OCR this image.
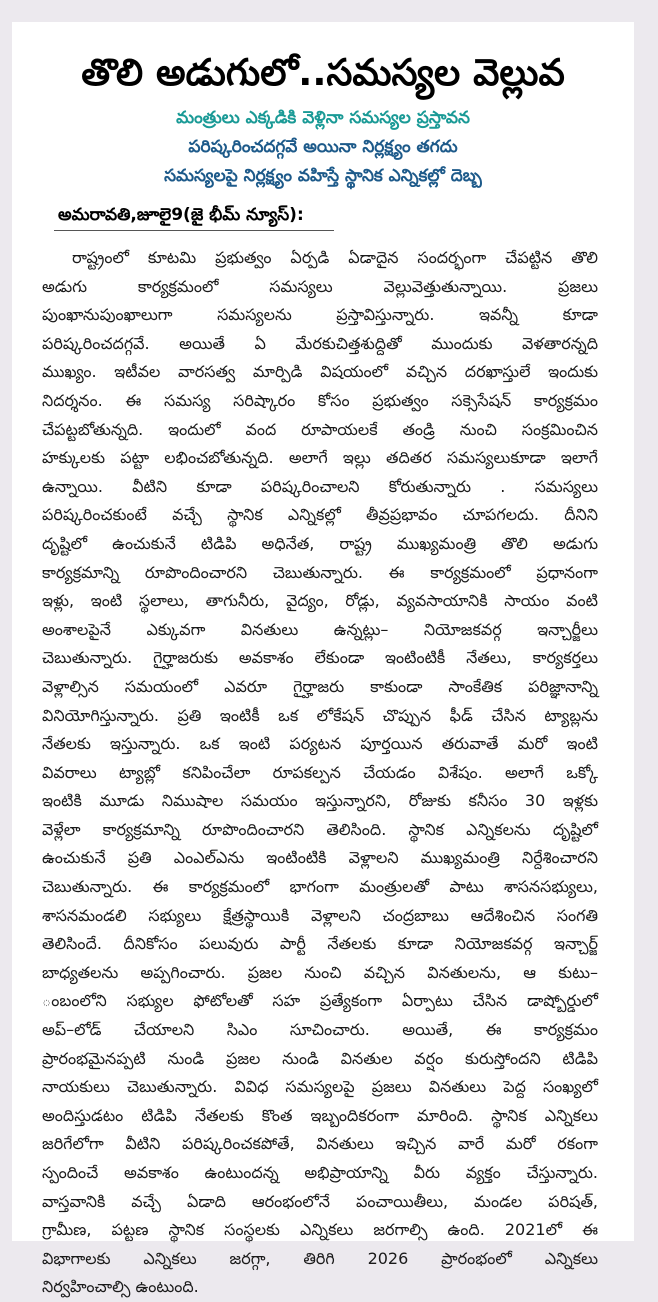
తొలి అడుగులో..సమస్యల వెల్లువ
మంత్రులు ఎక్కడికి వెళ్లినా సమస్యల ప్రస్తావన
పరిష్కరించదగ్గవే అయినా నిర్లక్ష్యం తగదు
సమస్యలపై నిర్లక్ష్యం వహిస్తే స్థానిక ఎన్నికల్లో దెబ్బ
అమరావతి,జూలై9(జై భీమ్ న్యూస్):
రాష్ట్రంలో కూటమి ప్రభుత్వం ఏర్పడి ఏడాదైన సందర్భంగా చేపట్టిన తొలి
అడుగు కార్యక్రమంలో సమస్యలు వెల్లువెత్తుతున్నాయి. ప్రజలు
పుంఖానుపుంఖాలుగా సమస్యలను ప్రస్తావిస్తున్నారు. ఇవన్నీ కూడా
పరిష్కరించదగ్గవే. అయితే ఏ మేరకుచిత్తశుద్దితో ముందుకు వెళతారన్నది
ముఖ్యం. ఇటీవల వారసత్వ మార్పిడి విషయంలో వచ్చిన దరఖాస్తులే ఇందుకు
నిదర్శనం. ఈ సమస్య సరిష్కారం కోసం ప్రభుత్వం సక్సెసేషన్ కార్యక్రమం
చేపట్టబోతున్నది. ఇందులో వంద రూపాయలకే తండ్రి నుంచి సంక్రమించిన
హక్కులకు పట్టా లభించబోతున్నది. అలాగే ఇల్లు తదితర సమస్యలుకూడా ఇలాగే
ఉన్నాయి. వీటిని కూడా పరిష్కరించాలని కోరుతున్నారు . సమస్యలు
పరిష్కరించకుంటే వచ్చే స్థానిక ఎన్నికల్లో తీవ్రప్రభావం చూపగలదు. దీనిని
దృష్టిలో ఉంచుకునే టిడిపి అధినేత, రాష్ట్ర ముఖ్యమంత్రి తొలి అడుగు
కార్యక్రమాన్ని రూపొందించారని చెబుతున్నారు. ఈ కార్యక్రమంలో ప్రధానంగా
ఇళ్లు, ఇంటి స్థలాలు, తాగునీరు, వైద్యం, రోడ్లు, వ్యవసాయానికి సాయం వంటి
అంశాలపైనే ఎక్కువగా వినతులు ఉన్నట్లు– నియోజకవర్గ ఇన్చార్జీలు
చెబుతున్నారు. గైర్హాజరుకు అవకాశం లేకుండా ఇంటింటికీ నేతలు, కార్యకర్తలు
వెళ్లాల్సిన సమయంలో ఎవరూ గైర్హాజరు కాకుండా సాంకేతిక పరిజ్ఞానాన్ని
వినియోగిస్తున్నారు. ప్రతి ఇంటికీ ఒక లోకేషన్ చొప్పున ఫీడ్ చేసిన ట్యాబ్లను
నేతలకు ఇస్తున్నారు. ఒక ఇంటి పర్యటన పూర్తయిన తరువాతే మరో ఇంటి
వివరాలు ట్యాబ్లో కనిపించేలా రూపకల్పన చేయడం విశేషం. అలాగే ఒక్కో
ఇంటికి మూడు నిముషాల సమయం ఇస్తున్నారని, రోజుకు కనీసం 30 ఇళ్లకు
వెళ్లేలా కార్యక్రమాన్ని రూపొందించారని తెలిసింది. స్థానిక ఎన్నికలను దృష్టిలో
ఉంచుకునే ప్రతి ఎంఎల్ఎను ఇంటింటికి వెళ్లాలని ముఖ్యమంత్రి నిర్దేశించారని
చెబుతున్నారు. ఈ కార్యక్రమంలో భాగంగా మంత్రులతో పాటు శాసనసభ్యులు,
శాసనమండలి సభ్యులు క్షేత్రస్థాయికి వెళ్లాలని చంద్రబాబు ఆదేశించిన సంగతి
తెలిసిందే. దీనికోసం పలువురు పార్టీ నేతలకు కూడా నియోజకవర్గ ఇన్చార్జ్
బాధ్యతలను అప్పగించారు. ప్రజల నుంచి వచ్చిన వినతులను, ఆ కుటు–
ంబంలోని సభ్యుల ఫోటోలతో సహ ప్రత్యేకంగా ఏర్పాటు చేసిన డాష్బోర్డులో
అప్–లోడ్ చేయాలని సిఎం సూచించారు. అయితే, ఈ కార్యక్రమం
ప్రారంభమైనప్పటి నుండి ప్రజల నుండి వినతుల వర్షం కురుస్తోందని టిడిపి
నాయకులు చెబుతున్నారు. వివిధ సమస్యలపై ప్రజలు వినతులు పెద్ద సంఖ్యలో
అందిస్తుడటం టిడిపి నేతలకు కొంత ఇబ్బందికరంగా మారింది. స్థానిక ఎన్నికలు
జరిగేలోగా వీటిని పరిష్కరించకపోతే, వినతులు ఇచ్చిన వారే మరో రకంగా
స్పందించే అవకాశం ఉంటుందన్న అభిప్రాయాన్ని వీరు వ్యక్తం చేస్తున్నారు.
వాస్తవానికి వచ్చే ఏడాది ఆరంభంలోనే పంచాయితీలు, మండల పరిషత్,
గ్రామీణ, పట్టణ స్థానిక సంస్థలకు ఎన్నికలు జరగాల్సి ఉంది. 2021లో ఈ
విభాగాలకు ఎన్నికలు జరగ్గా, తిరిగి 2026 ప్రారంభంలో ఎన్నికలు
నిర్వహించాల్సి ఉంటుంది.
